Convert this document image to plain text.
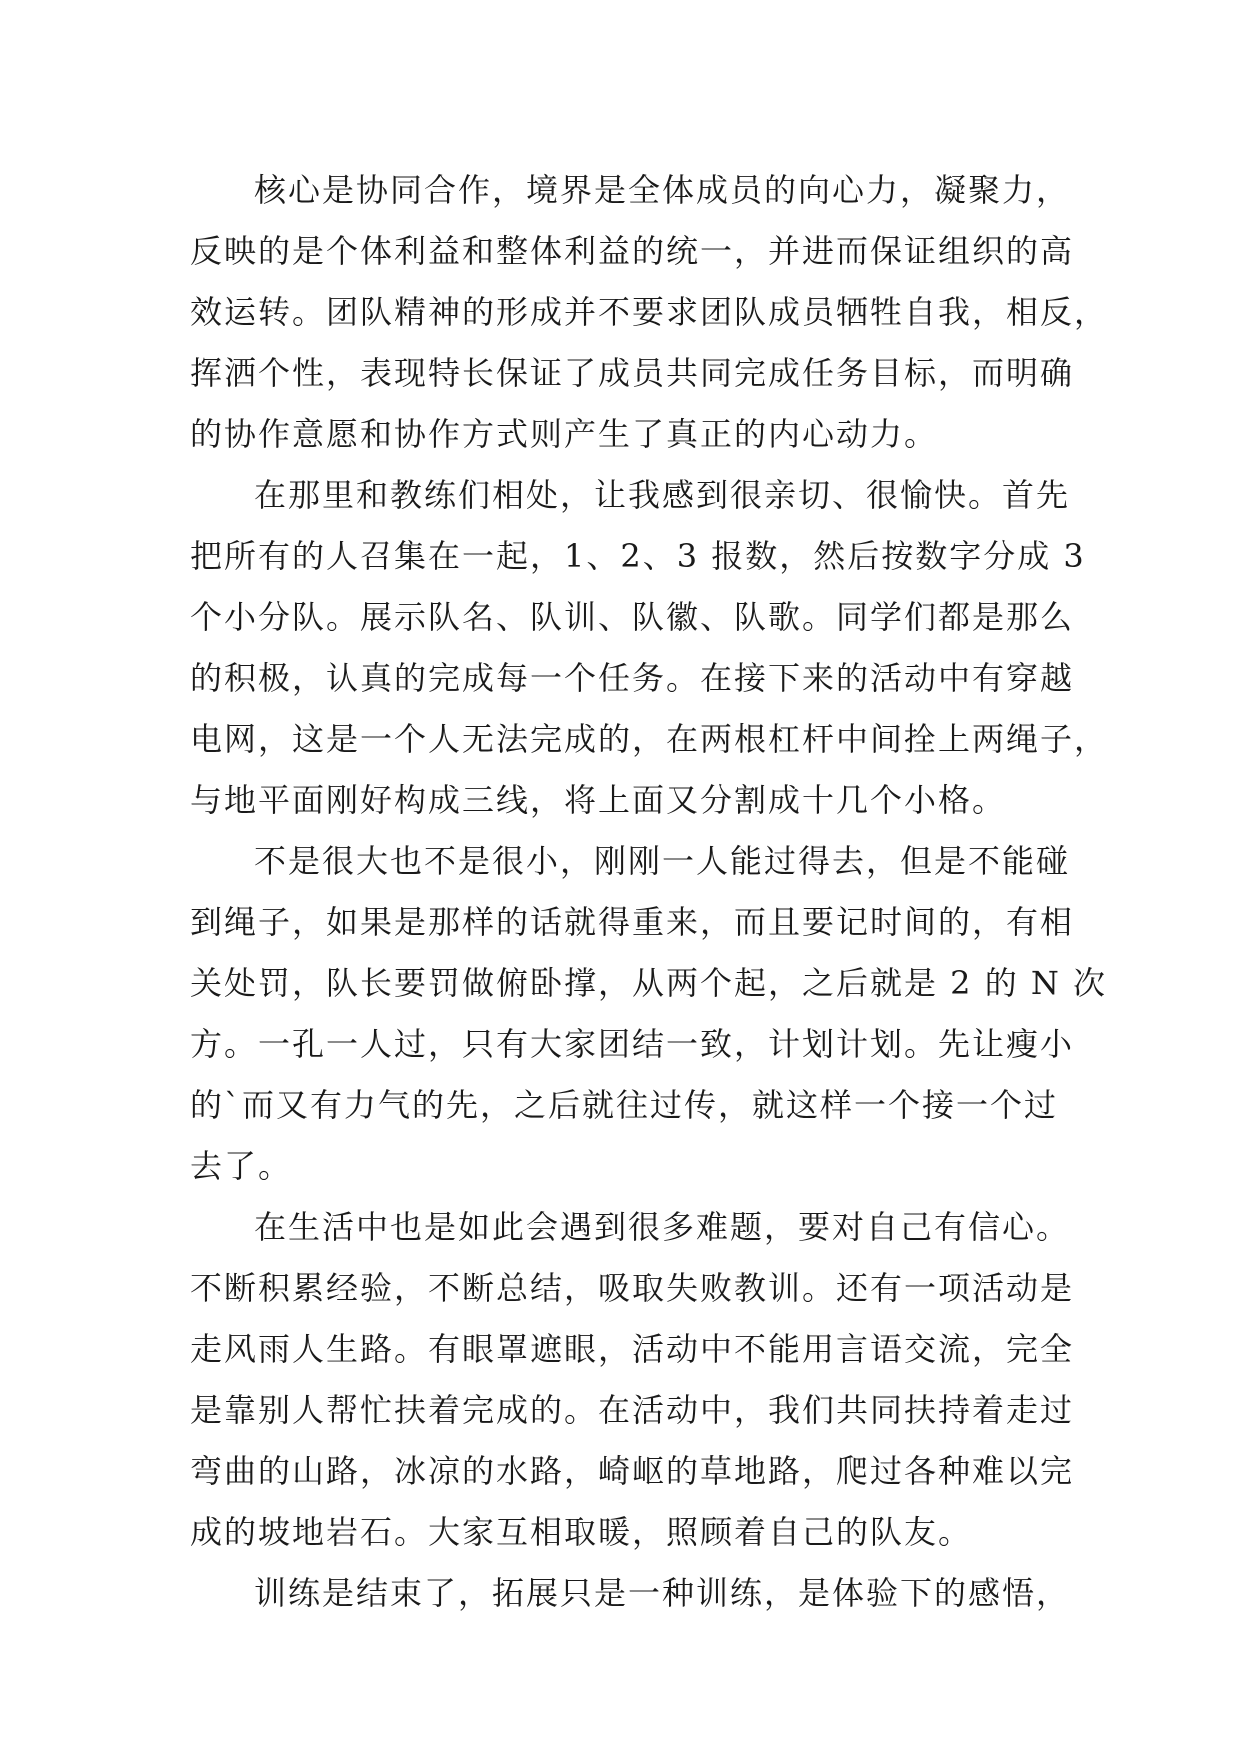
核心是协同合作，境界是全体成员的向心力，凝聚力，
反映的是个体利益和整体利益的统一，并进而保证组织的高
效运转。团队精神的形成并不要求团队成员牺牲自我，相反，
挥洒个性，表现特长保证了成员共同完成任务目标，而明确
的协作意愿和协作方式则产生了真正的内心动力。

在那里和教练们相处，让我感到很亲切、很愉快。首先
把所有的人召集在一起，1、2、3 报数，然后按数字分成 3
个小分队。展示队名、队训、队徽、队歌。同学们都是那么
的积极，认真的完成每一个任务。在接下来的活动中有穿越
电网，这是一个人无法完成的，在两根杠杆中间拴上两绳子，
与地平面刚好构成三线，将上面又分割成十几个小格。

不是很大也不是很小，刚刚一人能过得去，但是不能碰
到绳子，如果是那样的话就得重来，而且要记时间的，有相
关处罚，队长要罚做俯卧撑，从两个起，之后就是 2 的 N 次
方。一孔一人过，只有大家团结一致，计划计划。先让瘦小
的`而又有力气的先，之后就往过传，就这样一个接一个过
去了。

在生活中也是如此会遇到很多难题，要对自己有信心。
不断积累经验，不断总结，吸取失败教训。还有一项活动是
走风雨人生路。有眼罩遮眼，活动中不能用言语交流，完全
是靠别人帮忙扶着完成的。在活动中，我们共同扶持着走过
弯曲的山路，冰凉的水路，崎岖的草地路，爬过各种难以完
成的坡地岩石。大家互相取暖，照顾着自己的队友。

训练是结束了，拓展只是一种训练，是体验下的感悟，
